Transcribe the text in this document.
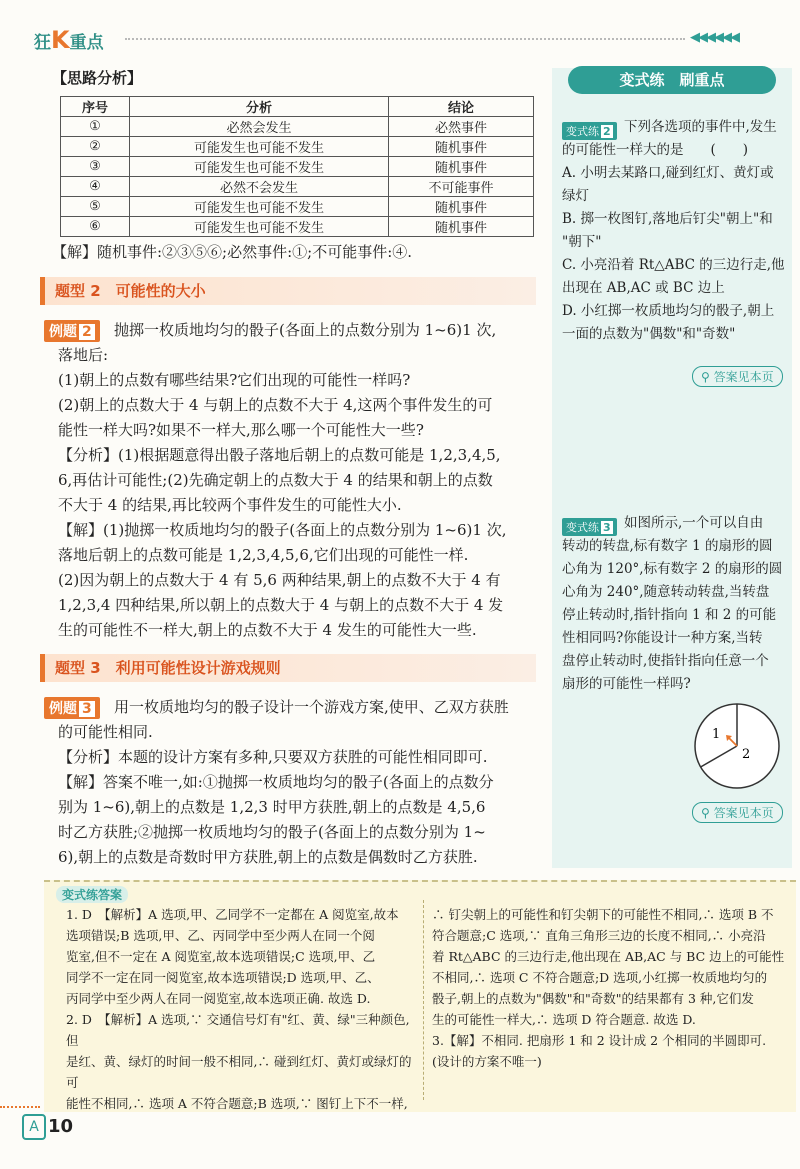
狂K重点	◀◀◀◀◀◀
【思路分析】
序号	分析	结论
①	必然会发生	必然事件
②	可能发生也可能不发生	随机事件
③	可能发生也可能不发生	随机事件
④	必然不会发生	不可能事件
⑤	可能发生也可能不发生	随机事件
⑥	可能发生也可能不发生	随机事件
【解】随机事件:②③⑤⑥;必然事件:①;不可能事件:④.
题型 2　可能性的大小
例题 2	抛掷一枚质地均匀的骰子(各面上的点数分别为 1~6)1 次,
落地后:
(1)朝上的点数有哪些结果?它们出现的可能性一样吗?
(2)朝上的点数大于 4 与朝上的点数不大于 4,这两个事件发生的可
能性一样大吗?如果不一样大,那么哪一个可能性大一些?
【分析】(1)根据题意得出骰子落地后朝上的点数可能是 1,2,3,4,5,
6,再估计可能性;(2)先确定朝上的点数大于 4 的结果和朝上的点数
不大于 4 的结果,再比较两个事件发生的可能性大小.
【解】(1)抛掷一枚质地均匀的骰子(各面上的点数分别为 1~6)1 次,
落地后朝上的点数可能是 1,2,3,4,5,6,它们出现的可能性一样.
(2)因为朝上的点数大于 4 有 5,6 两种结果,朝上的点数不大于 4 有
1,2,3,4 四种结果,所以朝上的点数大于 4 与朝上的点数不大于 4 发
生的可能性不一样大,朝上的点数不大于 4 发生的可能性大一些.
题型 3　利用可能性设计游戏规则
例题 3	用一枚质地均匀的骰子设计一个游戏方案,使甲、乙双方获胜
的可能性相同.
【分析】本题的设计方案有多种,只要双方获胜的可能性相同即可.
【解】答案不唯一,如:①抛掷一枚质地均匀的骰子(各面上的点数分
别为 1~6),朝上的点数是 1,2,3 时甲方获胜,朝上的点数是 4,5,6
时乙方获胜;②抛掷一枚质地均匀的骰子(各面上的点数分别为 1~
6),朝上的点数是奇数时甲方获胜,朝上的点数是偶数时乙方获胜.
变式练　刷重点
变式练 2 下列各选项的事件中,发生
的可能性一样大的是　　(　　)
A. 小明去某路口,碰到红灯、黄灯或
绿灯
B. 掷一枚图钉,落地后钉尖"朝上"和
"朝下"
C. 小亮沿着 Rt△ABC 的三边行走,他
出现在 AB,AC 或 BC 边上
D. 小红掷一枚质地均匀的骰子,朝上
一面的点数为"偶数"和"奇数"
⚲ 答案见本页
变式练 3 如图所示,一个可以自由
转动的转盘,标有数字 1 的扇形的圆
心角为 120°,标有数字 2 的扇形的圆
心角为 240°,随意转动转盘,当转盘
停止转动时,指针指向 1 和 2 的可能
性相同吗?你能设计一种方案,当转
盘停止转动时,使指针指向任意一个
扇形的可能性一样吗?
1
2
⚲ 答案见本页
变式练答案
1. D　【解析】A 选项,甲、乙同学不一定都在 A 阅览室,故本
选项错误;B 选项,甲、乙、丙同学中至少两人在同一个阅
览室,但不一定在 A 阅览室,故本选项错误;C 选项,甲、乙
同学不一定在同一阅览室,故本选项错误;D 选项,甲、乙、
丙同学中至少两人在同一阅览室,故本选项正确. 故选 D.
2. D　【解析】A 选项,∵ 交通信号灯有"红、黄、绿"三种颜色,但
是红、黄、绿灯的时间一般不相同,∴ 碰到红灯、黄灯或绿灯的可
能性不相同,∴ 选项 A 不符合题意;B 选项,∵ 图钉上下不一样,
∴ 钉尖朝上的可能性和钉尖朝下的可能性不相同,∴ 选项 B 不
符合题意;C 选项,∵ 直角三角形三边的长度不相同,∴ 小亮沿
着 Rt△ABC 的三边行走,他出现在 AB,AC 与 BC 边上的可能性
不相同,∴ 选项 C 不符合题意;D 选项,小红掷一枚质地均匀的
骰子,朝上的点数为"偶数"和"奇数"的结果都有 3 种,它们发
生的可能性一样大,∴ 选项 D 符合题意. 故选 D.
3.【解】不相同. 把扇形 1 和 2 设计成 2 个相同的半圆即可.
(设计的方案不唯一)
A 10
